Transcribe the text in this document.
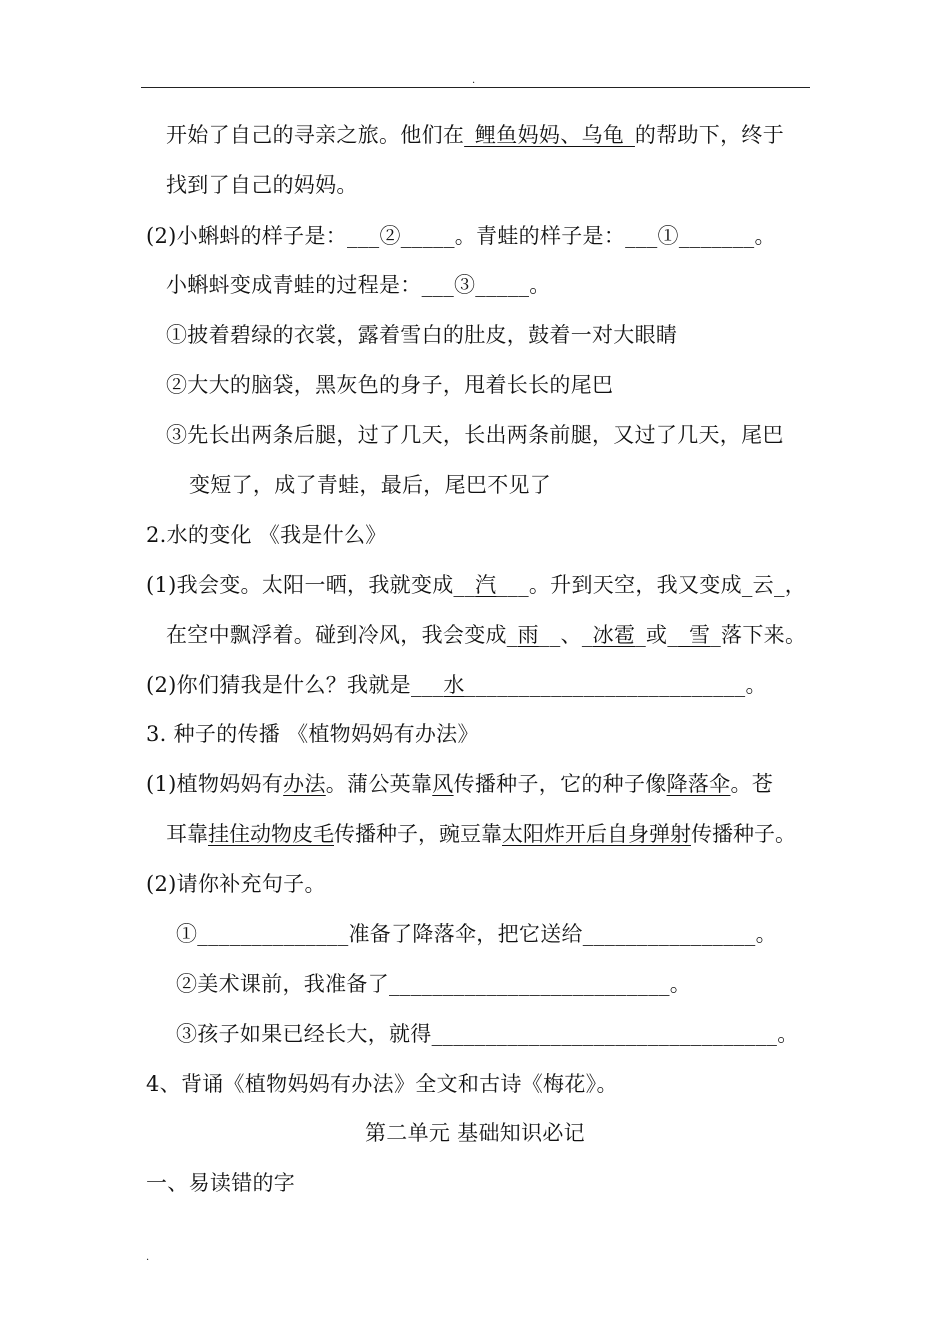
.
开始了自己的寻亲之旅。他们在_鲤鱼妈妈、乌龟_的帮助下，终于
找到了自己的妈妈。
(2)小蝌蚪的样子是：___②_____。青蛙的样子是：___①_______。
小蝌蚪变成青蛙的过程是：___③_____。
①披着碧绿的衣裳，露着雪白的肚皮，鼓着一对大眼睛
②大大的脑袋，黑灰色的身子，甩着长长的尾巴
③先长出两条后腿，过了几天，长出两条前腿，又过了几天，尾巴
变短了，成了青蛙，最后，尾巴不见了
2.水的变化 《我是什么》
(1)我会变。太阳一晒，我就变成__汽___。升到天空，我又变成_云_，
在空中飘浮着。碰到冷风，我会变成_雨__、_冰雹_或__雪_落下来。
(2)你们猜我是什么？我就是___水__________________________。
3. 种子的传播 《植物妈妈有办法》
(1)植物妈妈有办法。蒲公英靠风传播种子，它的种子像降落伞。苍
耳靠挂住动物皮毛传播种子，豌豆靠太阳炸开后自身弹射传播种子。
(2)请你补充句子。
①______________准备了降落伞，把它送给________________。
②美术课前，我准备了__________________________。
③孩子如果已经长大，就得________________________________。
4、背诵《植物妈妈有办法》全文和古诗《梅花》。
第二单元 基础知识必记
一、易读错的字
.
